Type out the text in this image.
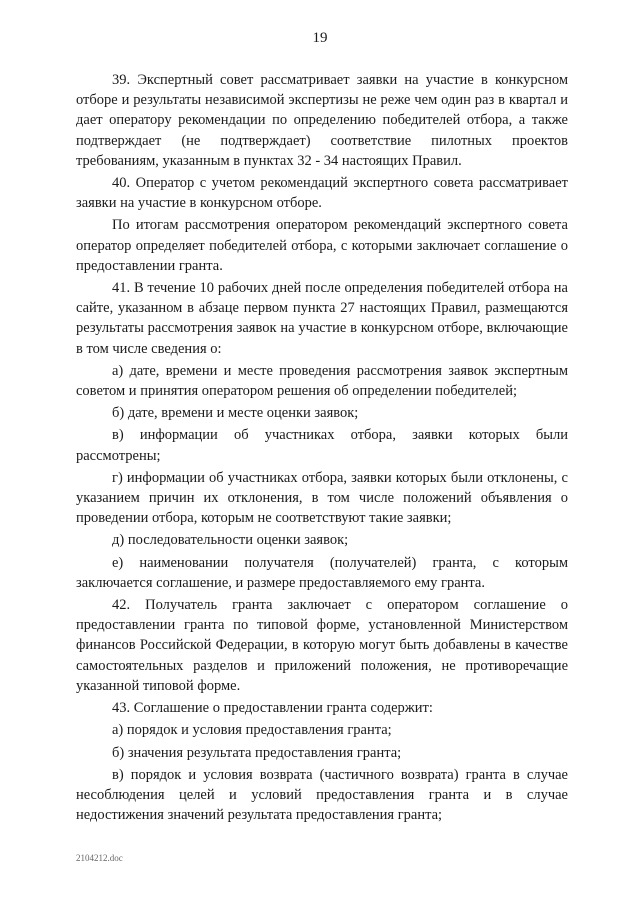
19

39. Экспертный совет рассматривает заявки на участие в конкурсном отборе и результаты независимой экспертизы не реже чем один раз в квартал и дает оператору рекомендации по определению победителей отбора, а также подтверждает (не подтверждает) соответствие пилотных проектов требованиям, указанным в пунктах 32 - 34 настоящих Правил.

40. Оператор с учетом рекомендаций экспертного совета рассматривает заявки на участие в конкурсном отборе.

По итогам рассмотрения оператором рекомендаций экспертного совета оператор определяет победителей отбора, с которыми заключает соглашение о предоставлении гранта.

41. В течение 10 рабочих дней после определения победителей отбора на сайте, указанном в абзаце первом пункта 27 настоящих Правил, размещаются результаты рассмотрения заявок на участие в конкурсном отборе, включающие в том числе сведения о:

а) дате, времени и месте проведения рассмотрения заявок экспертным советом и принятия оператором решения об определении победителей;

б) дате, времени и месте оценки заявок;

в) информации об участниках отбора, заявки которых были рассмотрены;

г) информации об участниках отбора, заявки которых были отклонены, с указанием причин их отклонения, в том числе положений объявления о проведении отбора, которым не соответствуют такие заявки;

д) последовательности оценки заявок;

е) наименовании получателя (получателей) гранта, с которым заключается соглашение, и размере предоставляемого ему гранта.

42. Получатель гранта заключает с оператором соглашение о предоставлении гранта по типовой форме, установленной Министерством финансов Российской Федерации, в которую могут быть добавлены в качестве самостоятельных разделов и приложений положения, не противоречащие указанной типовой форме.

43. Соглашение о предоставлении гранта содержит:

а) порядок и условия предоставления гранта;

б) значения результата предоставления гранта;

в) порядок и условия возврата (частичного возврата) гранта в случае несоблюдения целей и условий предоставления гранта и в случае недостижения значений результата предоставления гранта;

2104212.doc
